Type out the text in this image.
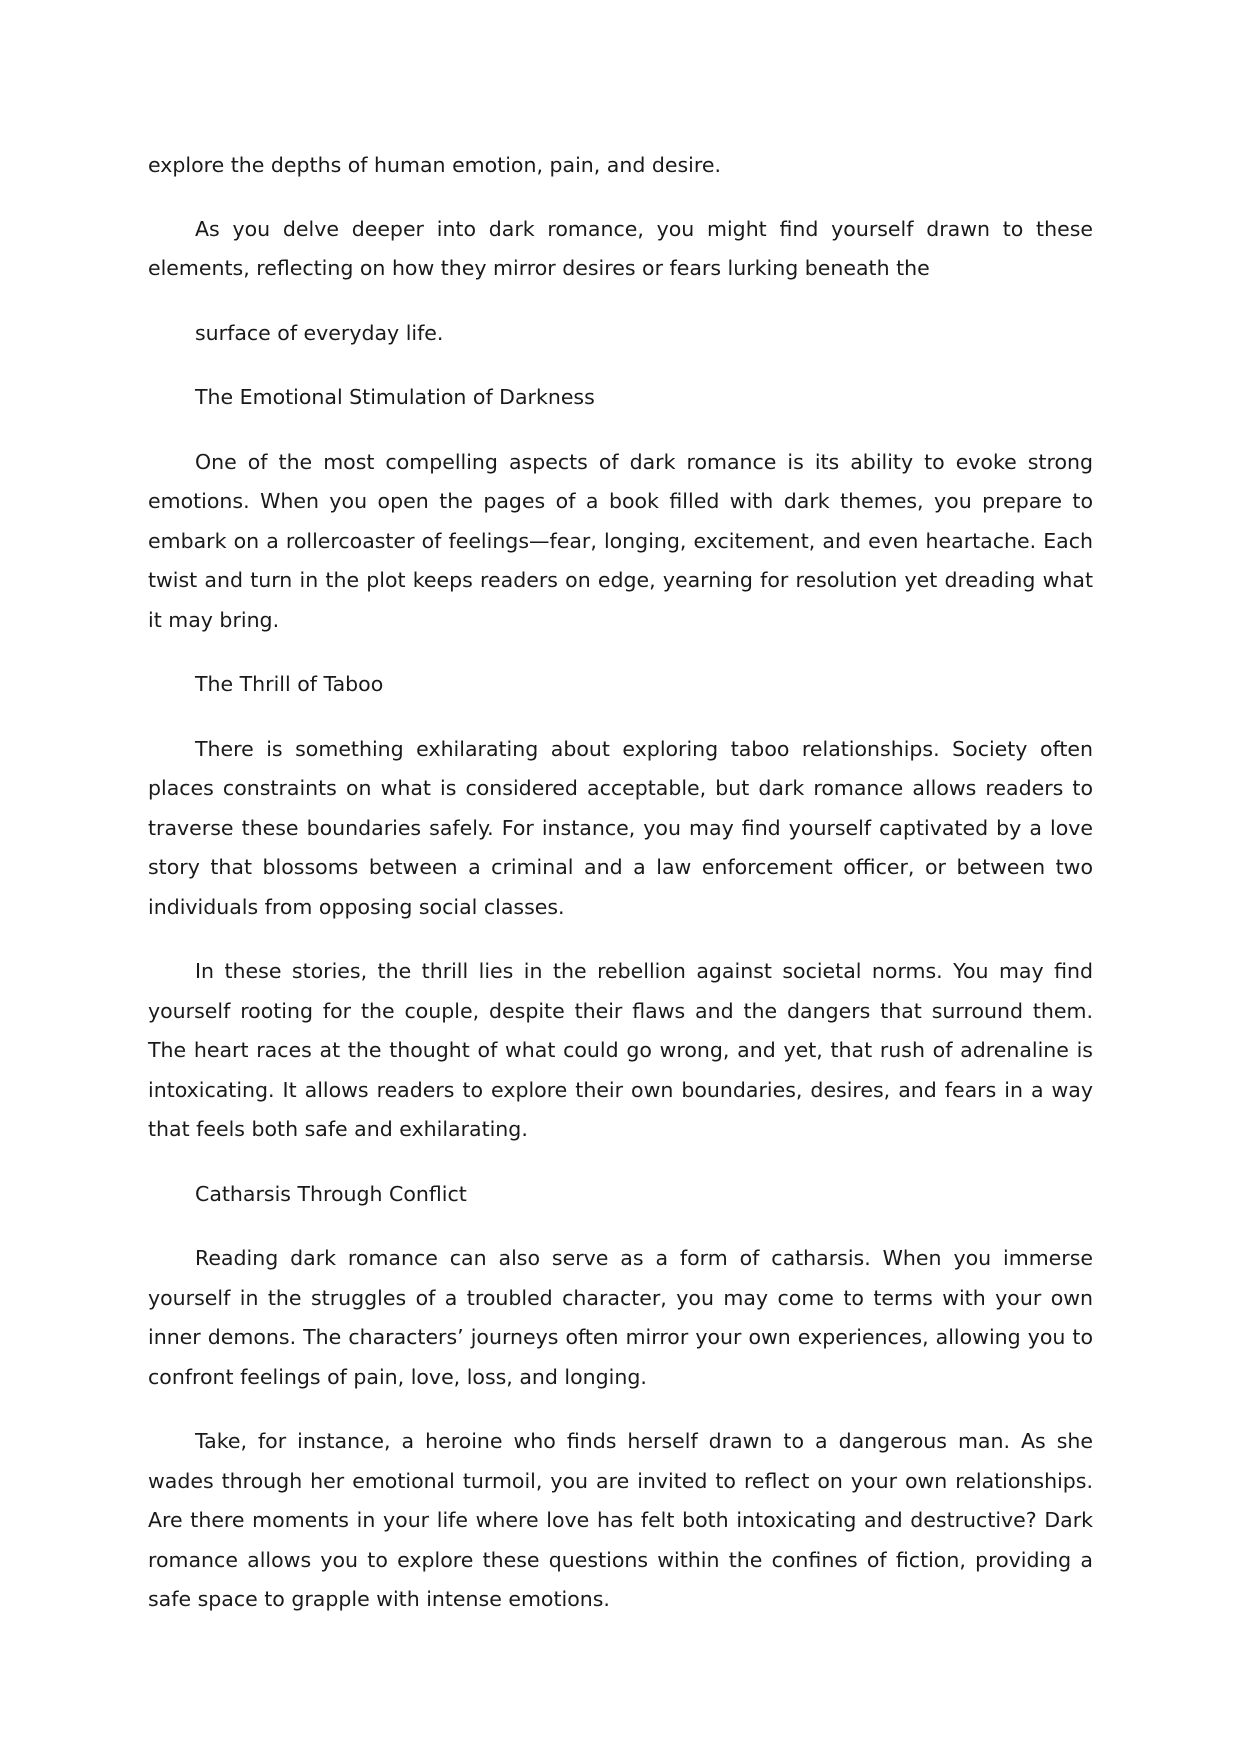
explore the depths of human emotion, pain, and desire.

As you delve deeper into dark romance, you might find yourself drawn to these elements, reflecting on how they mirror desires or fears lurking beneath the

surface of everyday life.

The Emotional Stimulation of Darkness

One of the most compelling aspects of dark romance is its ability to evoke strong emotions. When you open the pages of a book filled with dark themes, you prepare to embark on a rollercoaster of feelings—fear, longing, excitement, and even heartache. Each twist and turn in the plot keeps readers on edge, yearning for resolution yet dreading what it may bring.

The Thrill of Taboo

There is something exhilarating about exploring taboo relationships. Society often places constraints on what is considered acceptable, but dark romance allows readers to traverse these boundaries safely. For instance, you may find yourself captivated by a love story that blossoms between a criminal and a law enforcement officer, or between two individuals from opposing social classes.

In these stories, the thrill lies in the rebellion against societal norms. You may find yourself rooting for the couple, despite their flaws and the dangers that surround them. The heart races at the thought of what could go wrong, and yet, that rush of adrenaline is intoxicating. It allows readers to explore their own boundaries, desires, and fears in a way that feels both safe and exhilarating.

Catharsis Through Conflict

Reading dark romance can also serve as a form of catharsis. When you immerse yourself in the struggles of a troubled character, you may come to terms with your own inner demons. The characters’ journeys often mirror your own experiences, allowing you to confront feelings of pain, love, loss, and longing.

Take, for instance, a heroine who finds herself drawn to a dangerous man. As she wades through her emotional turmoil, you are invited to reflect on your own relationships. Are there moments in your life where love has felt both intoxicating and destructive? Dark romance allows you to explore these questions within the confines of fiction, providing a safe space to grapple with intense emotions.
